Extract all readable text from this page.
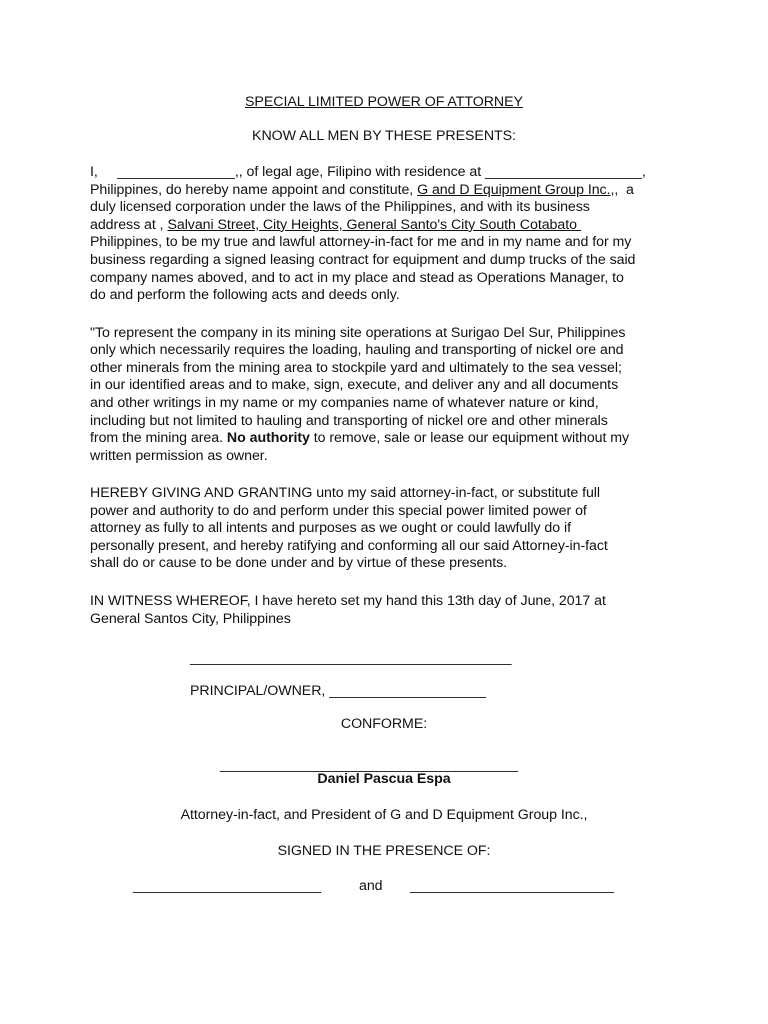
SPECIAL LIMITED POWER OF ATTORNEY
KNOW ALL MEN BY THESE PRESENTS:
I,     _______________,, of legal age, Filipino with residence at ____________________,
Philippines, do hereby name appoint and constitute, G and D Equipment Group Inc.,,  a
duly licensed corporation under the laws of the Philippines, and with its business
address at , Salvani Street, City Heights, General Santo's City South Cotabato
Philippines, to be my true and lawful attorney-in-fact for me and in my name and for my
business regarding a signed leasing contract for equipment and dump trucks of the said
company names aboved, and to act in my place and stead as Operations Manager, to
do and perform the following acts and deeds only.
"To represent the company in its mining site operations at Surigao Del Sur, Philippines
only which necessarily requires the loading, hauling and transporting of nickel ore and
other minerals from the mining area to stockpile yard and ultimately to the sea vessel;
in our identified areas and to make, sign, execute, and deliver any and all documents
and other writings in my name or my companies name of whatever nature or kind,
including but not limited to hauling and transporting of nickel ore and other minerals
from the mining area. No authority to remove, sale or lease our equipment without my
written permission as owner.
HEREBY GIVING AND GRANTING unto my said attorney-in-fact, or substitute full
power and authority to do and perform under this special power limited power of
attorney as fully to all intents and purposes as we ought or could lawfully do if
personally present, and hereby ratifying and conforming all our said Attorney-in-fact
shall do or cause to be done under and by virtue of these presents.
IN WITNESS WHEREOF, I have hereto set my hand this 13th day of June, 2017 at
General Santos City, Philippines
_________________________________________
PRINCIPAL/OWNER, ____________________
CONFORME:
______________________________________
Daniel Pascua Espa
Attorney-in-fact, and President of G and D Equipment Group Inc.,
SIGNED IN THE PRESENCE OF:
________________________	and __________________________
